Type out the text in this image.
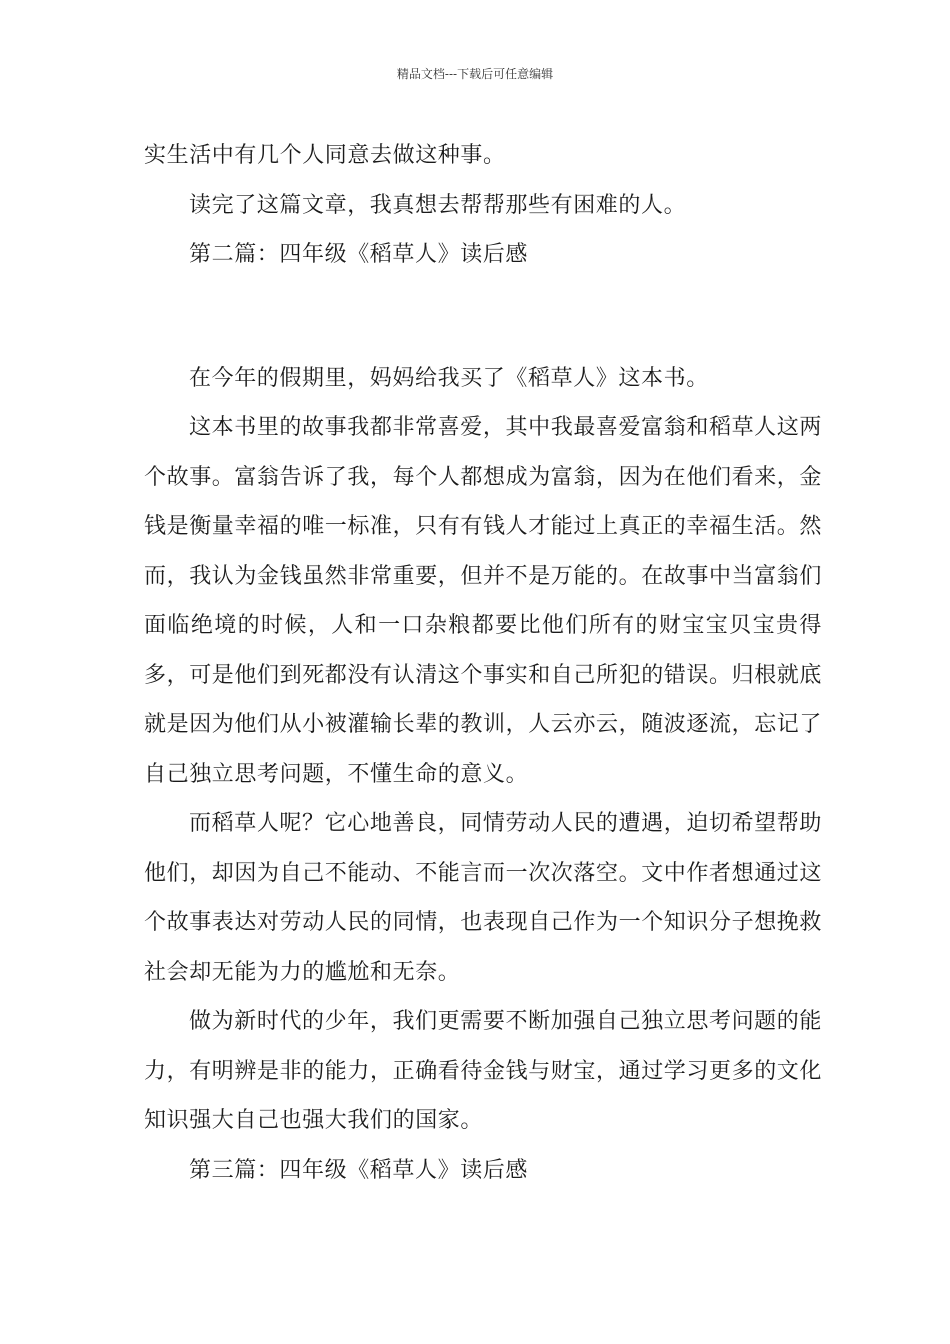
精品文档---下载后可任意编辑

实生活中有几个人同意去做这种事。

读完了这篇文章，我真想去帮帮那些有困难的人。

第二篇：四年级《稻草人》读后感

在今年的假期里，妈妈给我买了《稻草人》这本书。

这本书里的故事我都非常喜爱，其中我最喜爱富翁和稻草人这两个故事。富翁告诉了我，每个人都想成为富翁，因为在他们看来，金钱是衡量幸福的唯一标准，只有有钱人才能过上真正的幸福生活。然而，我认为金钱虽然非常重要，但并不是万能的。在故事中当富翁们面临绝境的时候，人和一口杂粮都要比他们所有的财宝宝贝宝贵得多，可是他们到死都没有认清这个事实和自己所犯的错误。归根就底就是因为他们从小被灌输长辈的教训，人云亦云，随波逐流，忘记了自己独立思考问题，不懂生命的意义。

而稻草人呢？它心地善良，同情劳动人民的遭遇，迫切希望帮助他们，却因为自己不能动、不能言而一次次落空。文中作者想通过这个故事表达对劳动人民的同情，也表现自己作为一个知识分子想挽救社会却无能为力的尴尬和无奈。

做为新时代的少年，我们更需要不断加强自己独立思考问题的能力，有明辨是非的能力，正确看待金钱与财宝，通过学习更多的文化知识强大自己也强大我们的国家。

第三篇：四年级《稻草人》读后感
